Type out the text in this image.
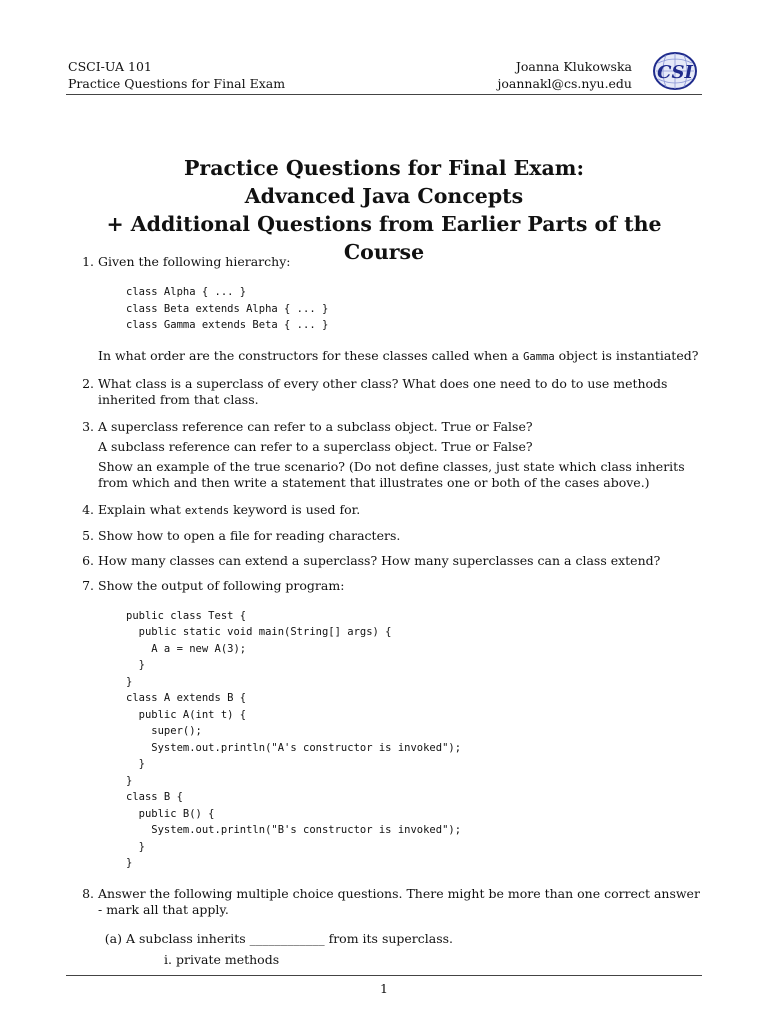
CSCI-UA 101
Practice Questions for Final Exam
Joanna Klukowska
joannakl@cs.nyu.edu
CSI
Practice Questions for Final Exam:
Advanced Java Concepts
+ Additional Questions from Earlier Parts of the Course
1. Given the following hierarchy:

class Alpha { ... }
class Beta extends Alpha { ... }
class Gamma extends Beta { ... }

In what order are the constructors for these classes called when a Gamma object is instantiated?

2. What class is a superclass of every other class? What does one need to do to use methods inherited from that class.

3. A superclass reference can refer to a subclass object. True or False?

A subclass reference can refer to a superclass object. True or False?

Show an example of the true scenario? (Do not define classes, just state which class inherits from which and then write a statement that illustrates one or both of the cases above.)

4. Explain what extends keyword is used for.

5. Show how to open a file for reading characters.

6. How many classes can extend a superclass? How many superclasses can a class extend?

7. Show the output of following program:

public class Test {
public static void main(String[] args) {
A a = new A(3);
}
}
class A extends B {
public A(int t) {
super();
System.out.println("A's constructor is invoked");
}
}
class B {
public B() {
System.out.println("B's constructor is invoked");
}
}
8. Answer the following multiple choice questions. There might be more than one correct answer - mark all that apply.

(a) A subclass inherits ____________ from its superclass.

i. private methods
1
